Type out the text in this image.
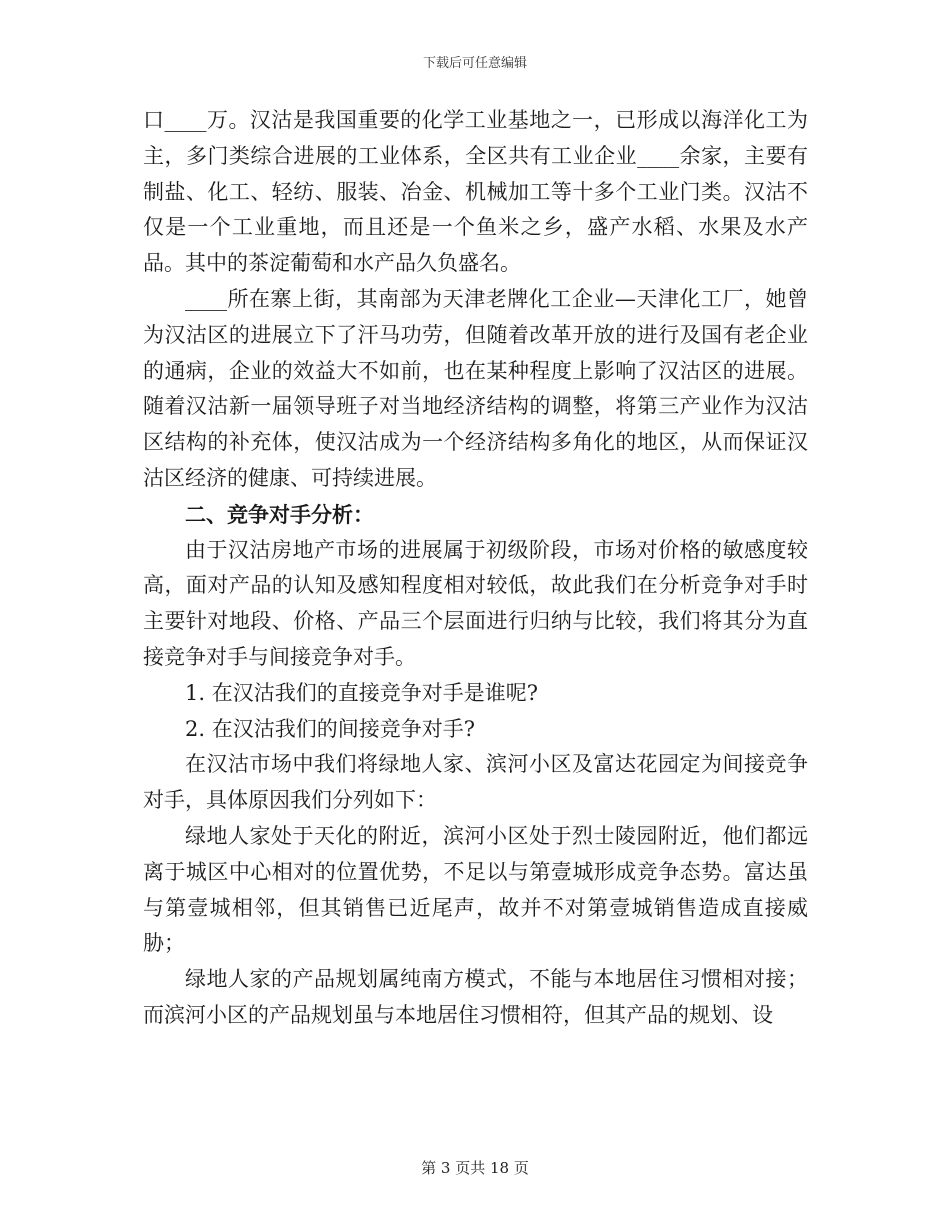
下载后可任意编辑

口____万。汉沽是我国重要的化学工业基地之一，已形成以海洋化工为主，多门类综合进展的工业体系，全区共有工业企业____余家，主要有制盐、化工、轻纺、服装、冶金、机械加工等十多个工业门类。汉沽不仅是一个工业重地，而且还是一个鱼米之乡，盛产水稻、水果及水产品。其中的茶淀葡萄和水产品久负盛名。

____所在寨上街，其南部为天津老牌化工企业—天津化工厂，她曾为汉沽区的进展立下了汗马功劳，但随着改革开放的进行及国有老企业的通病，企业的效益大不如前，也在某种程度上影响了汉沽区的进展。随着汉沽新一届领导班子对当地经济结构的调整，将第三产业作为汉沽区结构的补充体，使汉沽成为一个经济结构多角化的地区，从而保证汉沽区经济的健康、可持续进展。

二、竞争对手分析：

由于汉沽房地产市场的进展属于初级阶段，市场对价格的敏感度较高，面对产品的认知及感知程度相对较低，故此我们在分析竞争对手时主要针对地段、价格、产品三个层面进行归纳与比较，我们将其分为直接竞争对手与间接竞争对手。

1. 在汉沽我们的直接竞争对手是谁呢?

2. 在汉沽我们的间接竞争对手?

在汉沽市场中我们将绿地人家、滨河小区及富达花园定为间接竞争对手，具体原因我们分列如下：

绿地人家处于天化的附近，滨河小区处于烈士陵园附近，他们都远离于城区中心相对的位置优势，不足以与第壹城形成竞争态势。富达虽与第壹城相邻，但其销售已近尾声，故并不对第壹城销售造成直接威胁；

绿地人家的产品规划属纯南方模式，不能与本地居住习惯相对接；而滨河小区的产品规划虽与本地居住习惯相符，但其产品的规划、设

第 3 页共 18 页
